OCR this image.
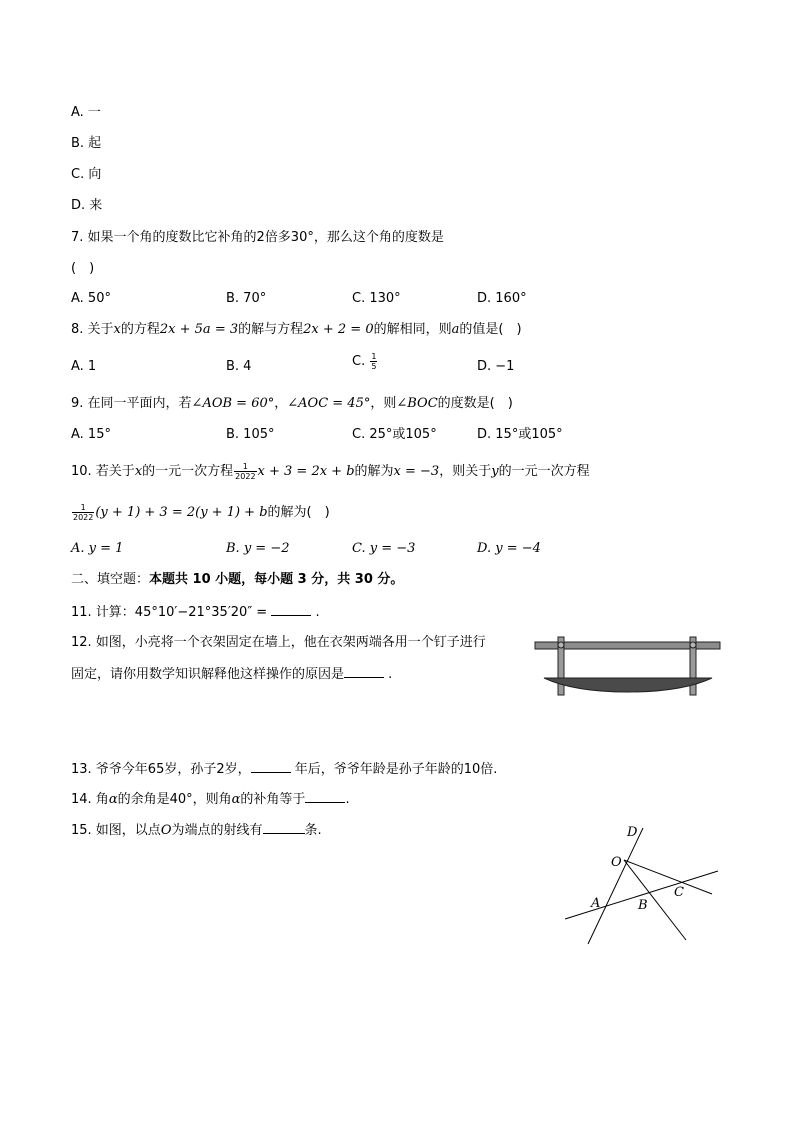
A. 一
B. 起
C. 向
D. 来
7. 如果一个角的度数比它补角的2倍多30°，那么这个角的度数是
(　)
A. 50°	B. 70°	C. 130°	D. 160°
8. 关于x的方程2x + 5a = 3的解与方程2x + 2 = 0的解相同，则a的值是(　)
A. 1	B. 4	C. $\frac{1}{5}$	D. −1
9. 在同一平面内，若∠AOB = 60°，∠AOC = 45°，则∠BOC的度数是(　)
A. 15°	B. 105°	C. 25°或105°	D. 15°或105°
10. 若关于x的一元一次方程 $\frac{1}{2022}$ x + 3 = 2x + b的解为x = −3，则关于y的一元一次方程
$\frac{1}{2022} (y + 1) + 3 = 2(y + 1) + b$的解为(　)
A. y = 1	B. y = −2	C. y = −3	D. y = −4
二、填空题：本题共 10 小题，每小题 3 分，共 30 分。
11. 计算：45°10′−21°35′20″ =	.
12. 如图，小亮将一个衣架固定在墙上，他在衣架两端各用一个钉子进行
固定，请你用数学知识解释他这样操作的原因是	.
13. 爷爷今年65岁，孙子2岁，	年后，爷爷年龄是孙子年龄的10倍.
14. 角α的余角是40°，则角α的补角等于	.
15. 如图，以点O为端点的射线有	条.	D
O
A	B
C
